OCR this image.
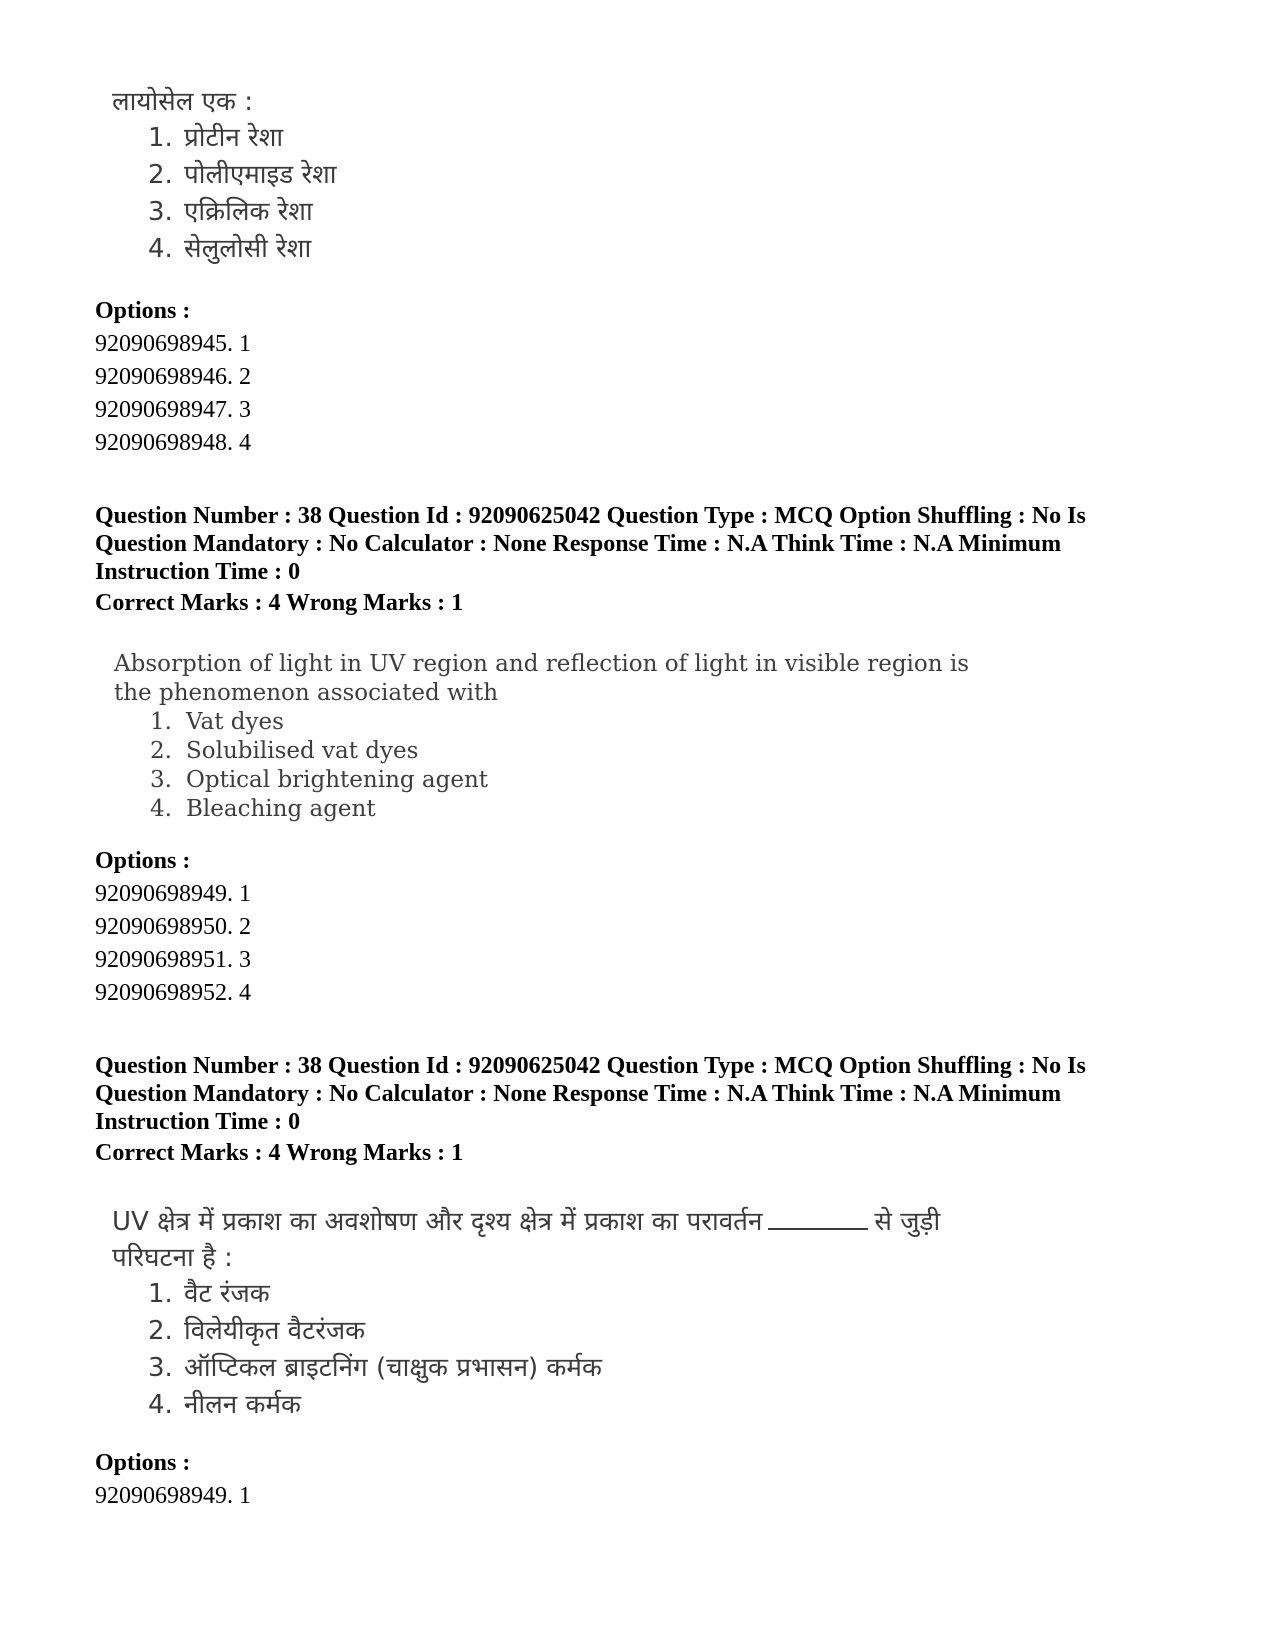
लायोसेल एक :
1. प्रोटीन रेशा
2. पोलीएमाइड रेशा
3. एक्रिलिक रेशा
4. सेलुलोसी रेशा
Options :
92090698945. 1
92090698946. 2
92090698947. 3
92090698948. 4
Question Number : 38 Question Id : 92090625042 Question Type : MCQ Option Shuffling : No Is
Question Mandatory : No Calculator : None Response Time : N.A Think Time : N.A Minimum
Instruction Time : 0
Correct Marks : 4 Wrong Marks : 1
Absorption of light in UV region and reflection of light in visible region is
the phenomenon associated with
1. Vat dyes
2. Solubilised vat dyes
3. Optical brightening agent
4. Bleaching agent
Options :
92090698949. 1
92090698950. 2
92090698951. 3
92090698952. 4
Question Number : 38 Question Id : 92090625042 Question Type : MCQ Option Shuffling : No Is
Question Mandatory : No Calculator : None Response Time : N.A Think Time : N.A Minimum
Instruction Time : 0
Correct Marks : 4 Wrong Marks : 1
UV क्षेत्र में प्रकाश का अवशोषण और दृश्य क्षेत्र में प्रकाश का परावर्तन	से जुड़ी
परिघटना है :
1. वैट रंजक
2. विलेयीकृत वैटरंजक
3. ऑप्टिकल ब्राइटनिंग (चाक्षुक प्रभासन) कर्मक
4. नीलन कर्मक
Options :
92090698949. 1
